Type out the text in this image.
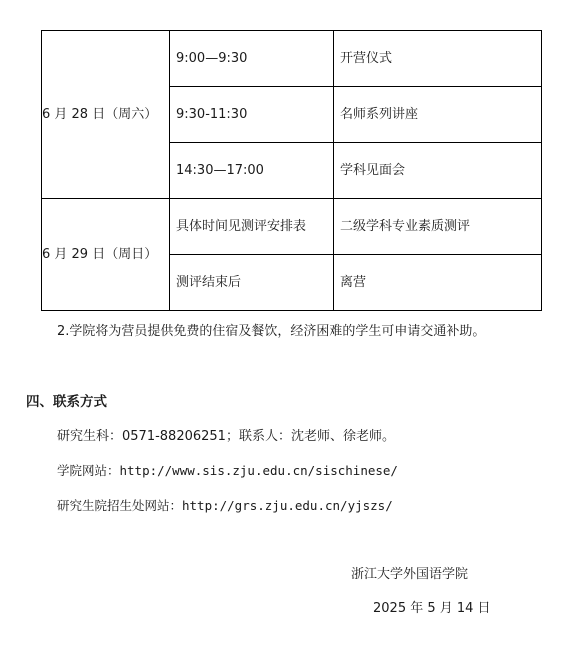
6 月 28 日（周六）	9:00—9:30	开营仪式
	9:30-11:30	名师系列讲座
	14:30—17:00	学科见面会
6 月 29 日（周日）	具体时间见测评安排表	二级学科专业素质测评
	测评结束后	离营
2.学院将为营员提供免费的住宿及餐饮，经济困难的学生可申请交通补助。
四、联系方式
研究生科：0571-88206251；联系人：沈老师、徐老师。
学院网站：http://www.sis.zju.edu.cn/sischinese/
研究生院招生处网站：http://grs.zju.edu.cn/yjszs/
浙江大学外国语学院
2025 年 5 月 14 日
